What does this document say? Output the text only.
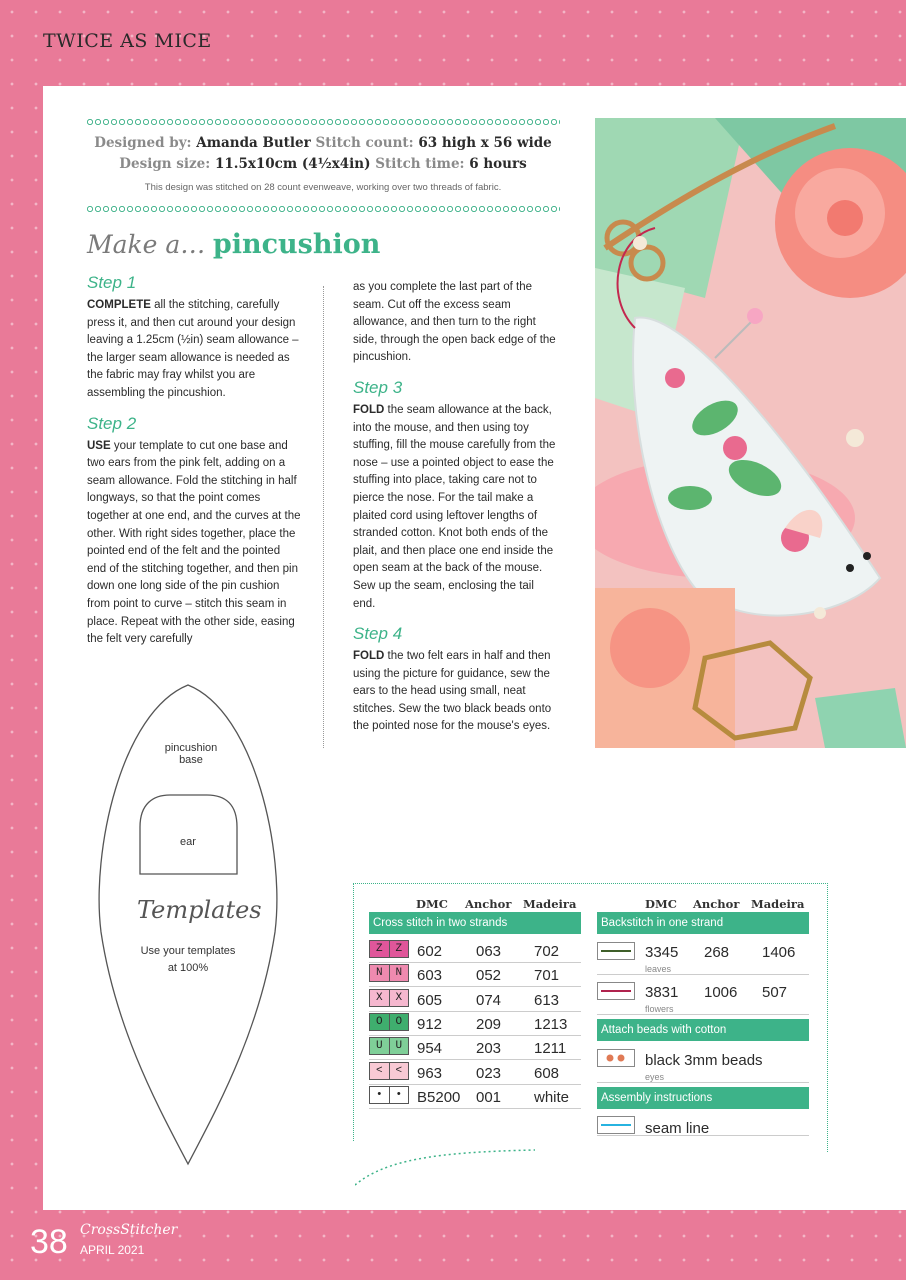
TWICE AS MICE
Designed by: Amanda Butler Stitch count: 63 high x 56 wide
Design size: 11.5x10cm (4½x4in) Stitch time: 6 hours
This design was stitched on 28 count evenweave, working over two threads of fabric.
Make a… pincushion
Step 1

COMPLETE all the stitching, carefully press it, and then cut around your design leaving a 1.25cm (½in) seam allowance – the larger seam allowance is needed as the fabric may fray whilst you are assembling the pincushion.

Step 2

USE your template to cut one base and two ears from the pink felt, adding on a seam allowance. Fold the stitching in half longways, so that the point comes together at one end, and the curves at the other. With right sides together, place the pointed end of the felt and the pointed end of the stitching together, and then pin down one long side of the pin cushion from point to curve – stitch this seam in place. Repeat with the other side, easing the felt very carefully

as you complete the last part of the seam. Cut off the excess seam allowance, and then turn to the right side, through the open back edge of the pincushion.

Step 3

FOLD the seam allowance at the back, into the mouse, and then using toy stuffing, fill the mouse carefully from the nose – use a pointed object to ease the stuffing into place, taking care not to pierce the nose. For the tail make a plaited cord using leftover lengths of stranded cotton. Knot both ends of the plait, and then place one end inside the open seam at the back of the mouse. Sew up the seam, enclosing the tail end.

Step 4

FOLD the two felt ears in half and then using the picture for guidance, sew the ears to the head using small, neat stitches. Sew the two black beads onto the pointed nose for the mouse's eyes.

pincushion
base
ear
Templates
Use your templates
at 100%
DMC Anchor Madeira
Cross stitch in two strands
Z	Z 602 063 702
N	N 603 052 701
X	X 605 074 613
O	O 912 209 1213
U	U 954 203 1211
<	< 963 023 608
•	• B5200 001 white
DMC Anchor Madeira
Backstitch in one strand
3345 268 1406
leaves
3831 1006 507
flowers
Attach beads with cotton
black 3mm beads
eyes
Assembly instructions
seam line
38 CrossStitcher
APRIL 2021
